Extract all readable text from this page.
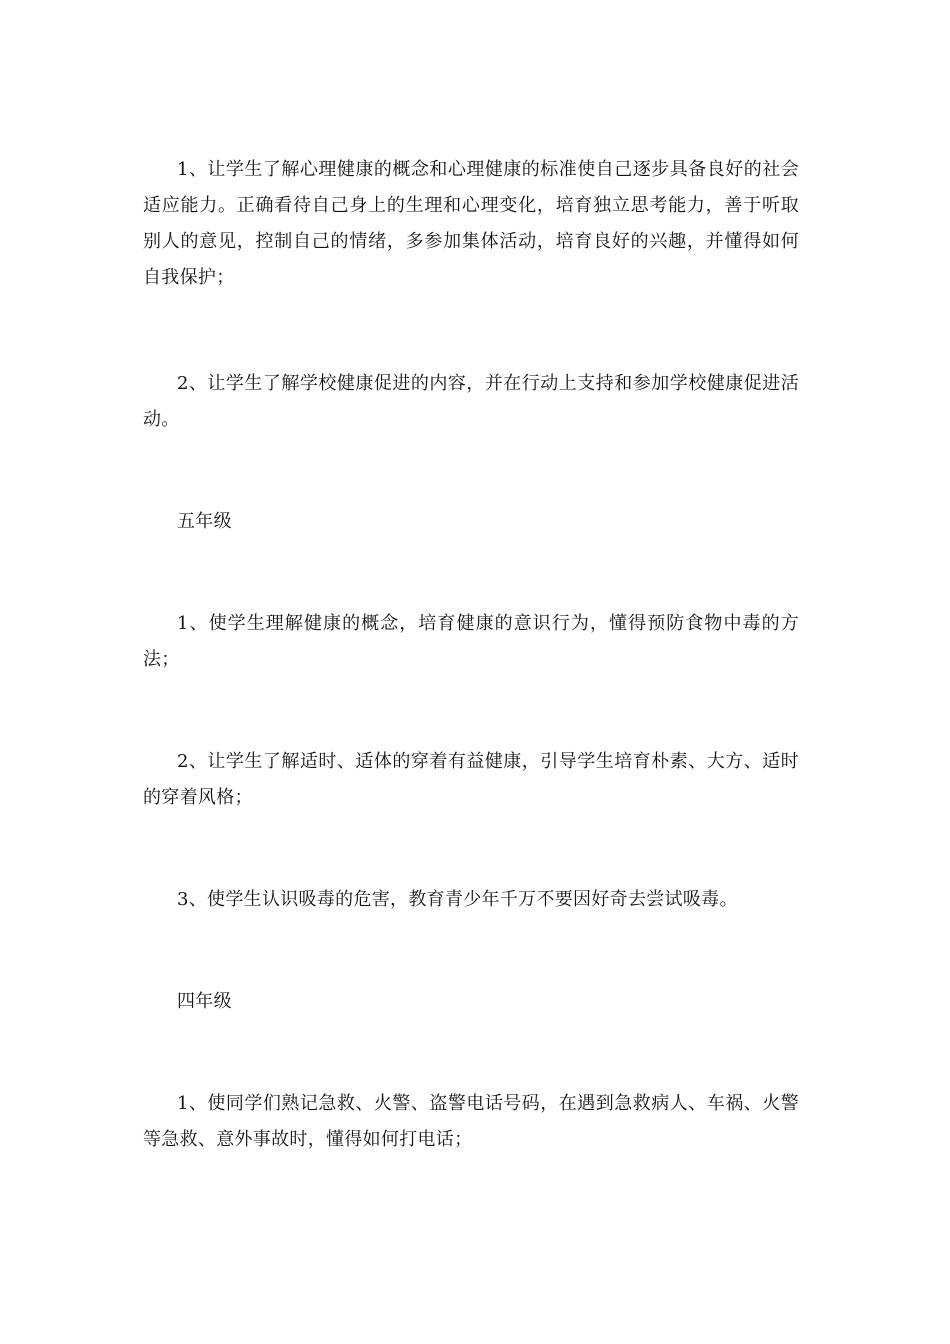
1、让学生了解心理健康的概念和心理健康的标准使自己逐步具备良好的社会适应能力。正确看待自己身上的生理和心理变化，培育独立思考能力，善于听取别人的意见，控制自己的情绪，多参加集体活动，培育良好的兴趣，并懂得如何自我保护；

2、让学生了解学校健康促进的内容，并在行动上支持和参加学校健康促进活动。

五年级

1、使学生理解健康的概念，培育健康的意识行为，懂得预防食物中毒的方法；

2、让学生了解适时、适体的穿着有益健康，引导学生培育朴素、大方、适时的穿着风格；

3、使学生认识吸毒的危害，教育青少年千万不要因好奇去尝试吸毒。

四年级

1、使同学们熟记急救、火警、盗警电话号码，在遇到急救病人、车祸、火警等急救、意外事故时，懂得如何打电话；
